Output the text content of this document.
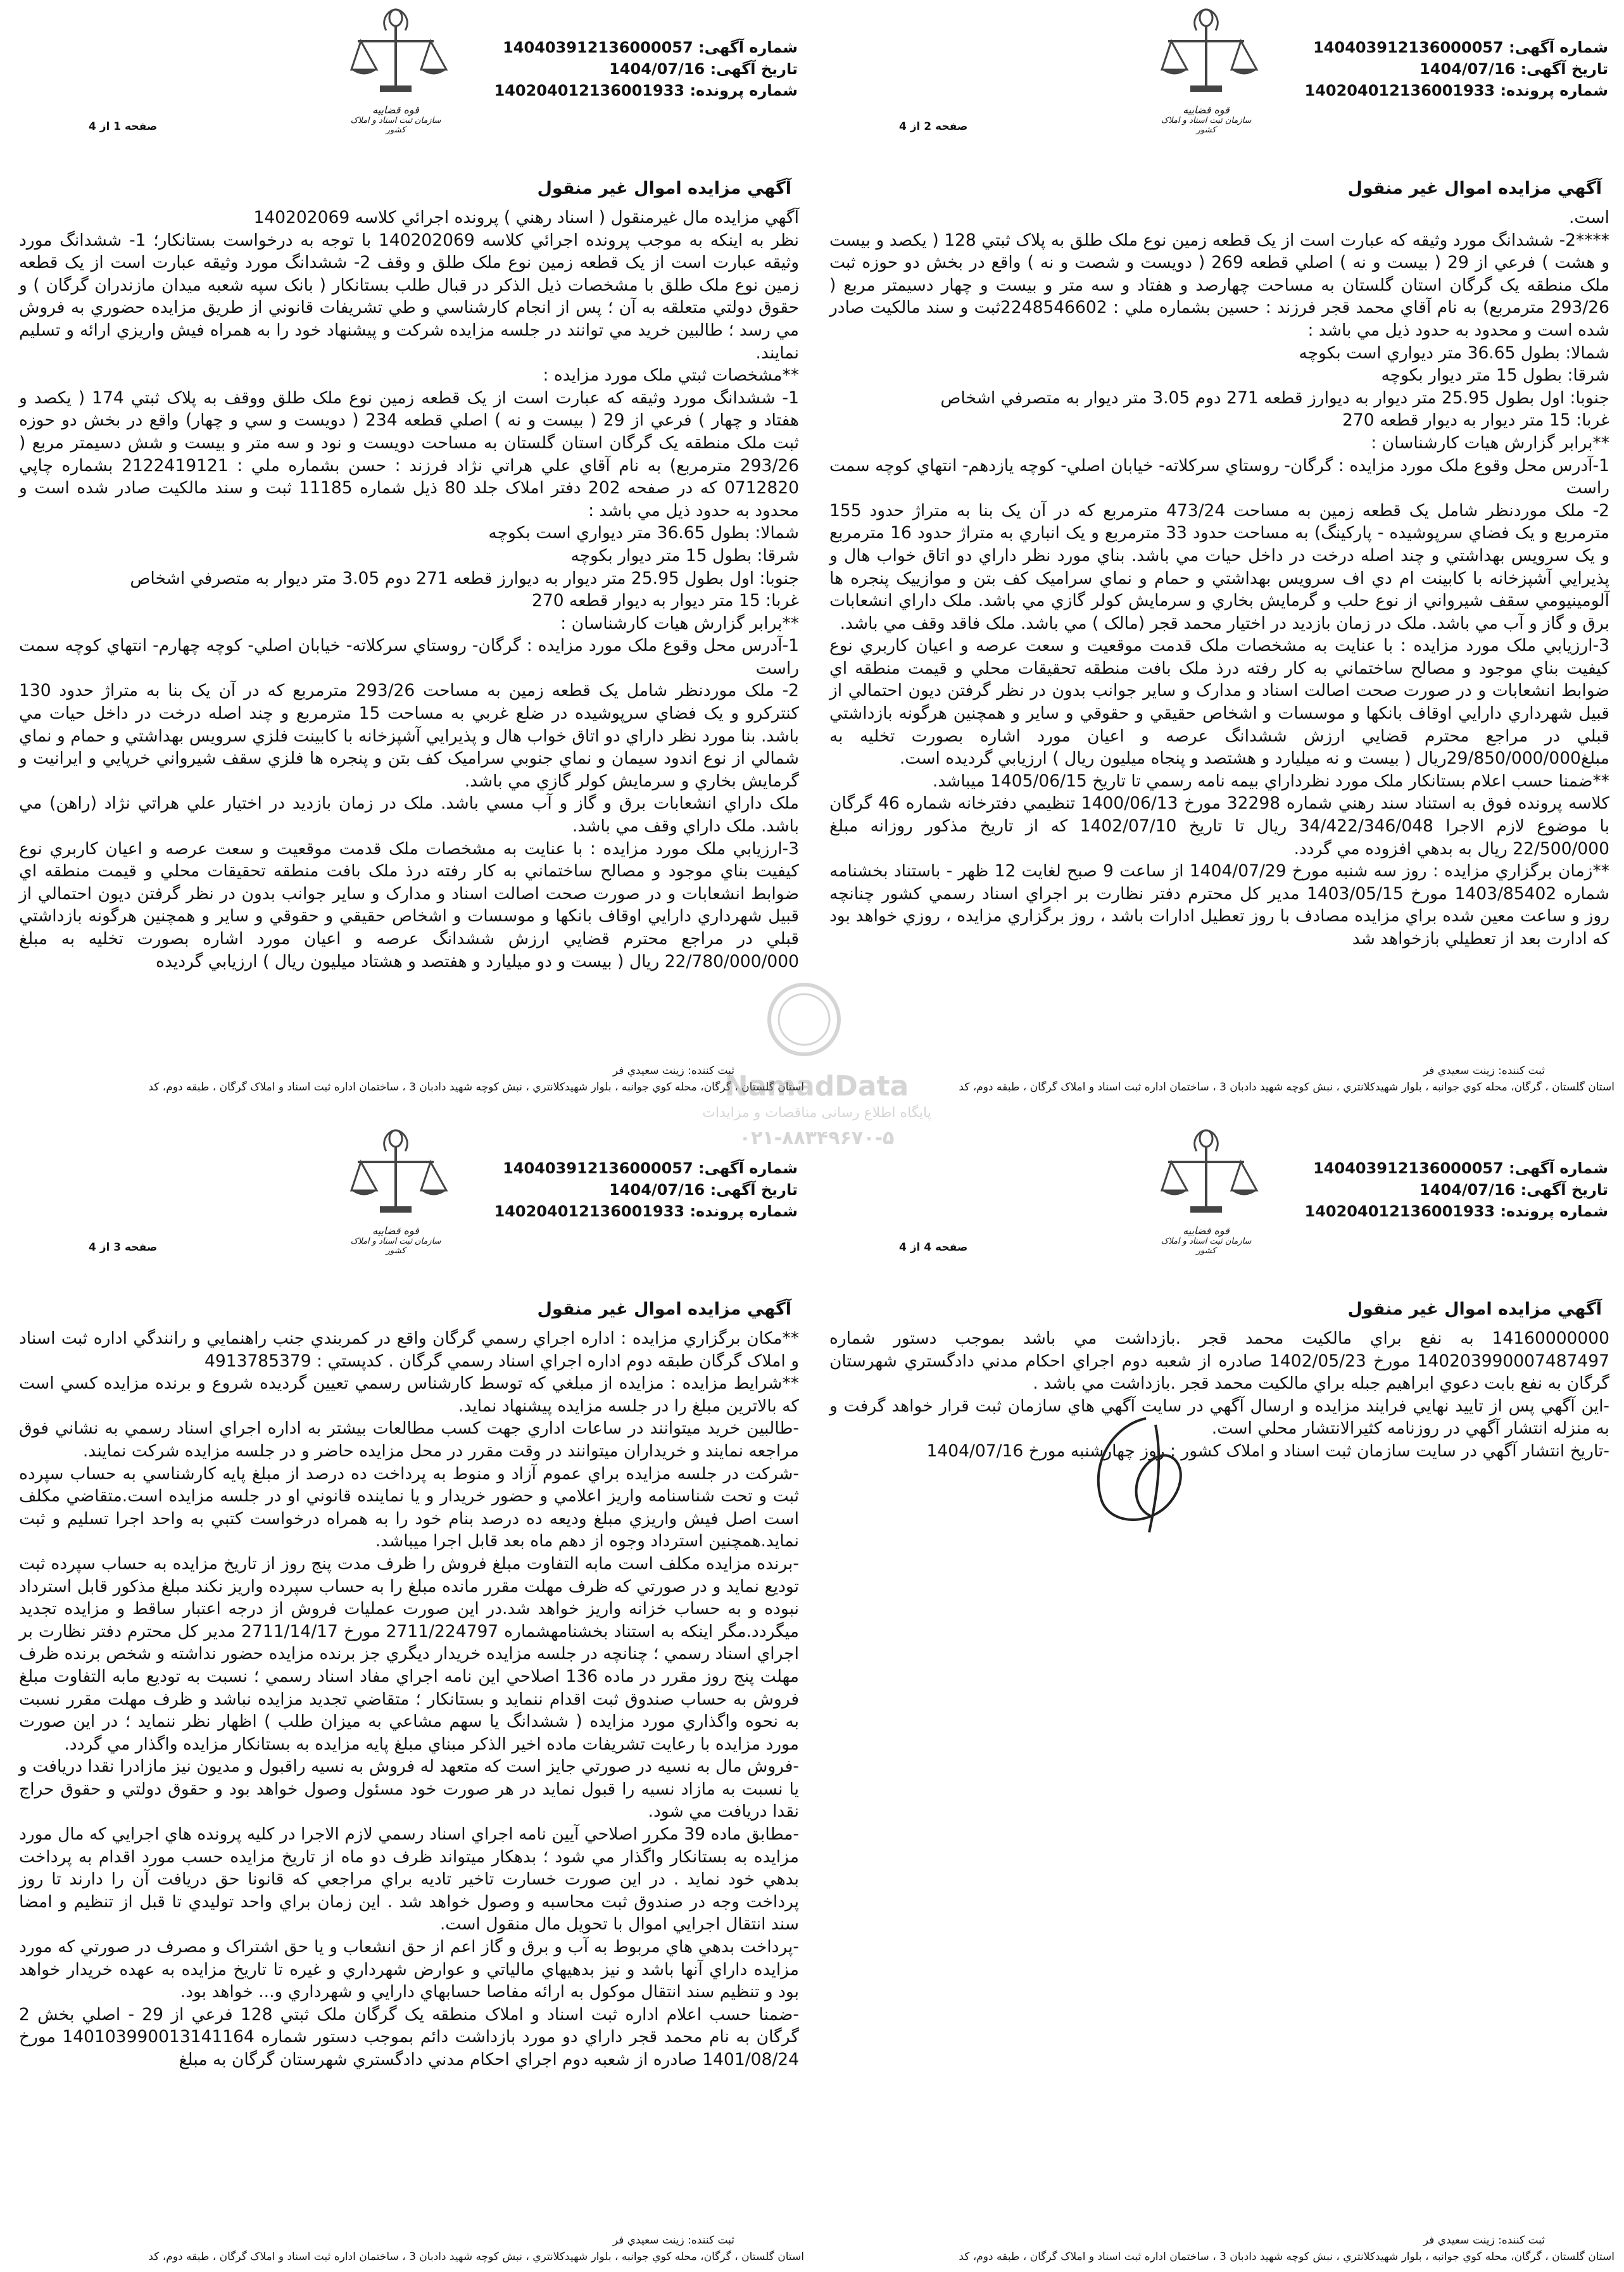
قوه قضاییه
سازمان ثبت اسناد و املاک کشور
شماره آگهی: 140403912136000057
تاریخ آگهی: 1404/07/16
شماره پرونده: 140204012136001933
صفحه 1 از 4
آگهي مزايده اموال غير منقول

آگهي مزايده مال غيرمنقول ( اسناد رهني ) پرونده اجرائي كلاسه 140202069

نظر به اينكه به موجب پرونده اجرائي كلاسه 140202069 با توجه به درخواست بستانكار؛ 1- ششدانگ مورد وثيقه عبارت است از يک قطعه زمين نوع ملک طلق و وقف 2- ششدانگ مورد وثيقه عبارت است از يک قطعه زمين نوع ملک طلق با مشخصات ذيل الذكر در قبال طلب بستانكار ( بانک سپه شعبه ميدان مازندران گرگان ) و حقوق دولتي متعلقه به آن ؛ پس از انجام كارشناسي و طي تشريفات قانوني از طريق مزايده حضوري به فروش مي رسد ؛ طالبين خريد مي توانند در جلسه مزايده شركت و پيشنهاد خود را به همراه فيش واريزي ارائه و تسليم نمايند.

**مشخصات ثبتي ملک مورد مزايده :

1- ششدانگ مورد وثيقه كه عبارت است از يک قطعه زمين نوع ملک طلق ووقف به پلاک ثبتي 174 ( يكصد و هفتاد و چهار ) فرعي از 29 ( بيست و نه ) اصلي قطعه 234 ( دويست و سي و چهار) واقع در بخش دو حوزه ثبت ملک منطقه يک گرگان استان گلستان به مساحت دويست و نود و سه متر و بيست و شش دسيمتر مربع ( 293/26 مترمربع) به نام آقاي علي هراتي نژاد فرزند : حسن بشماره ملي : 2122419121 بشماره چاپي 0712820 كه در صفحه 202 دفتر املاک جلد 80 ذيل شماره 11185 ثبت و سند مالكيت صادر شده است و محدود به حدود ذيل مي باشد :

شمالا: بطول 36.65 متر ديواري است بكوچه

شرقا: بطول 15 متر ديوار بكوچه

جنوبا: اول بطول 25.95 متر ديوار به ديوارز قطعه 271 دوم 3.05 متر ديوار به متصرفي اشخاص

غربا: 15 متر ديوار به ديوار قطعه 270

**برابر گزارش هيات كارشناسان :

1-آدرس محل وقوع ملک مورد مزايده : گرگان- روستاي سركلاته- خيابان اصلي- كوچه چهارم- انتهاي كوچه سمت راست

2- ملک موردنظر شامل يک قطعه زمين به مساحت 293/26 مترمربع كه در آن يک بنا به متراژ حدود 130 كنتركرو و يک فضاي سرپوشيده در ضلع غربي به مساحت 15 مترمربع و چند اصله درخت در داخل حيات مي باشد. بنا مورد نظر داراي دو اتاق خواب هال و پذيرايي آشپزخانه با كابينت فلزي سرويس بهداشتي و حمام و نماي شمالي از نوع اندود سيمان و نماي جنوبي سراميک كف بتن و پنجره ها فلزي سقف شيرواني خرپايي و ايرانيت و گرمايش بخاري و سرمايش كولر گازي مي باشد.

ملک داراي انشعابات برق و گاز و آب مسي باشد. ملک در زمان بازديد در اختيار علي هراتي نژاد (راهن) مي باشد. ملک داراي وقف مي باشد.

3-ارزيابي ملک مورد مزايده : با عنايت به مشخصات ملک قدمت موقعيت و سعت عرصه و اعيان كاربري نوع كيفيت بناي موجود و مصالح ساختماني به كار رفته درذ ملک بافت منطقه تحقيقات محلي و قيمت منطقه اي ضوابط انشعابات و در صورت صحت اصالت اسناد و مدارک و ساير جوانب بدون در نظر گرفتن ديون احتمالي از قبيل شهرداري دارايي اوقاف بانكها و موسسات و اشخاص حقيقي و حقوقي و ساير و همچنين هرگونه بازداشتي قبلي در مراجع محترم قضايي ارزش ششدانگ عرصه و اعيان مورد اشاره بصورت تخليه به مبلغ 22/780/000/000 ريال ( بيست و دو ميليارد و هفتصد و هشتاد ميليون ريال ) ارزيابي گرديده

ثبت كننده: زينت سعيدي فر
استان گلستان ، گرگان، محله كوي جوانبه ، بلوار شهيدكلانتري ، نبش كوچه شهيد دادبان 3 ، ساختمان اداره ثبت اسناد و املاک گرگان ، طبقه دوم، كد
قوه قضاییه
سازمان ثبت اسناد و املاک کشور
شماره آگهی: 140403912136000057
تاریخ آگهی: 1404/07/16
شماره پرونده: 140204012136001933
صفحه 2 از 4
آگهي مزايده اموال غير منقول

است.

****2- ششدانگ مورد وثيقه كه عبارت است از يک قطعه زمين نوع ملک طلق به پلاک ثبتي 128 ( يكصد و بيست و هشت ) فرعي از 29 ( بيست و نه ) اصلي قطعه 269 ( دويست و شصت و نه ) واقع در بخش دو حوزه ثبت ملک منطقه يک گرگان استان گلستان به مساحت چهارصد و هفتاد و سه متر و بيست و چهار دسيمتر مربع ( 293/26 مترمربع) به نام آقاي محمد قجر فرزند : حسين بشماره ملي : 2248546602ثبت و سند مالكيت صادر شده است و محدود به حدود ذيل مي باشد :

شمالا: بطول 36.65 متر ديواري است بكوچه

شرقا: بطول 15 متر ديوار بكوچه

جنوبا: اول بطول 25.95 متر ديوار به ديوارز قطعه 271 دوم 3.05 متر ديوار به متصرفي اشخاص

غربا: 15 متر ديوار به ديوار قطعه 270

**برابر گزارش هيات كارشناسان :

1-آدرس محل وقوع ملک مورد مزايده : گرگان- روستاي سركلاته- خيابان اصلي- كوچه يازدهم- انتهاي كوچه سمت راست

2- ملک موردنظر شامل يک قطعه زمين به مساحت 473/24 مترمربع كه در آن يک بنا به متراژ حدود 155 مترمربع و يک فضاي سرپوشيده - پاركينگ) به مساحت حدود 33 مترمربع و يک انباري به متراژ حدود 16 مترمربع و يک سرويس بهداشتي و چند اصله درخت در داخل حيات مي باشد. بناي مورد نظر داراي دو اتاق خواب هال و پذيرايي آشپزخانه با كابينت ام دي اف سرويس بهداشتي و حمام و نماي سراميک كف بتن و موازييک پنجره ها آلومينيومي سقف شيرواني از نوع حلب و گرمايش بخاري و سرمايش كولر گازي مي باشد. ملک داراي انشعابات برق و گاز و آب مي باشد. ملک در زمان بازديد در اختيار محمد قجر (مالک ) مي باشد. ملک فاقد وقف مي باشد.

3-ارزيابي ملک مورد مزايده : با عنايت به مشخصات ملک قدمت موقعيت و سعت عرصه و اعيان كاربري نوع كيفيت بناي موجود و مصالح ساختماني به كار رفته درذ ملک بافت منطقه تحقيقات محلي و قيمت منطقه اي ضوابط انشعابات و در صورت صحت اصالت اسناد و مدارک و ساير جوانب بدون در نظر گرفتن ديون احتمالي از قبيل شهرداري دارايي اوقاف بانكها و موسسات و اشخاص حقيقي و حقوقي و ساير و همچنين هرگونه بازداشتي قبلي در مراجع محترم قضايي ارزش ششدانگ عرصه و اعيان مورد اشاره بصورت تخليه به مبلغ29/850/000/000ريال ( بيست و نه ميليارد و هشتصد و پنجاه ميليون ريال ) ارزيابي گرديده است.

**ضمنا حسب اعلام بستانكار ملک مورد نظرداراي بيمه نامه رسمي تا تاريخ 1405/06/15 ميباشد.

كلاسه پرونده فوق به استناد سند رهني شماره 32298 مورخ 1400/06/13 تنظيمي دفترخانه شماره 46 گرگان با موضوع لازم الاجرا 34/422/346/048 ريال تا تاريخ 1402/07/10 كه از تاريخ مذكور روزانه مبلغ 22/500/000 ريال به بدهي افزوده مي گردد.

**زمان برگزاري مزايده : روز سه شنبه مورخ 1404/07/29 از ساعت 9 صبح لغايت 12 ظهر - باستناد بخشنامه شماره 1403/85402 مورخ 1403/05/15 مدير كل محترم دفتر نظارت بر اجراي اسناد رسمي كشور چنانچه روز و ساعت معين شده براي مزايده مصادف با روز تعطيل ادارات باشد ، روز برگزاري مزايده ، روزي خواهد بود كه ادارت بعد از تعطيلي بازخواهد شد

ثبت كننده: زينت سعيدي فر
استان گلستان ، گرگان، محله كوي جوانبه ، بلوار شهيدكلانتري ، نبش كوچه شهيد دادبان 3 ، ساختمان اداره ثبت اسناد و املاک گرگان ، طبقه دوم، كد
قوه قضاییه
سازمان ثبت اسناد و املاک کشور
شماره آگهی: 140403912136000057
تاریخ آگهی: 1404/07/16
شماره پرونده: 140204012136001933
صفحه 3 از 4
آگهي مزايده اموال غير منقول

**مكان برگزاري مزايده : اداره اجراي رسمي گرگان واقع در كمربندي جنب راهنمايي و رانندگي اداره ثبت اسناد و املاک گرگان طبقه دوم اداره اجراي اسناد رسمي گرگان . كدپستي : 4913785379

**شرايط مزايده : مزايده از مبلغي كه توسط كارشناس رسمي تعيين گرديده شروع و برنده مزايده كسي است كه بالاترين مبلغ را در جلسه مزايده پيشنهاد نمايد.

-طالبين خريد ميتوانند در ساعات اداري جهت كسب مطالعات بيشتر به اداره اجراي اسناد رسمي به نشاني فوق مراجعه نمايند و خريداران ميتوانند در وقت مقرر در محل مزايده حاضر و در جلسه مزايده شركت نمايند.

-شركت در جلسه مزايده براي عموم آزاد و منوط به پرداخت ده درصد از مبلغ پايه كارشناسي به حساب سپرده ثبت و تحت شناسنامه واريز اعلامي و حضور خريدار و يا نماينده قانوني او در جلسه مزايده است.متقاضي مكلف است اصل فيش واريزي مبلغ وديعه ده درصد بنام خود را به همراه درخواست كتبي به واحد اجرا تسليم و ثبت نمايد.همچنين استرداد وجوه از دهم ماه بعد قابل اجرا ميباشد.

-برنده مزايده مكلف است مابه التفاوت مبلغ فروش را ظرف مدت پنج روز از تاريخ مزايده به حساب سپرده ثبت توديع نمايد و در صورتي كه ظرف مهلت مقرر مانده مبلغ را به حساب سپرده واريز نكند مبلغ مذكور قابل استرداد نبوده و به حساب خزانه واريز خواهد شد.در اين صورت عمليات فروش از درجه اعتبار ساقط و مزايده تجديد ميگردد.مگر اينكه به استناد بخشنامهشماره 2711/224797 مورخ 2711/14/17 مدير كل محترم دفتر نظارت بر اجراي اسناد رسمي ؛ چنانچه در جلسه مزايده خريدار ديگري جز برنده مزايده حضور نداشته و شخص برنده ظرف مهلت پنج روز مقرر در ماده 136 اصلاحي اين نامه اجراي مفاد اسناد رسمي ؛ نسبت به توديع مابه التفاوت مبلغ فروش به حساب صندوق ثبت اقدام ننمايد و بستانكار ؛ متقاضي تجديد مزايده نباشد و ظرف مهلت مقرر نسبت به نحوه واگذاري مورد مزايده ( ششدانگ يا سهم مشاعي به ميزان طلب ) اظهار نظر ننمايد ؛ در اين صورت مورد مزايده با رعايت تشريفات ماده اخير الذكر مبناي مبلغ پايه مزايده به بستانكار مزايده واگذار مي گردد.

-فروش مال به نسيه در صورتي جايز است كه متعهد له فروش به نسيه راقبول و مديون نيز مازادرا نقدا دريافت و يا نسبت به مازاد نسيه را قبول نمايد در هر صورت خود مسئول وصول خواهد بود و حقوق دولتي و حقوق حراج نقدا دريافت مي شود.

-مطابق ماده 39 مكرر اصلاحي آيين نامه اجراي اسناد رسمي لازم الاجرا در كليه پرونده هاي اجرايي كه مال مورد مزايده به بستانكار واگذار مي شود ؛ بدهكار ميتواند ظرف دو ماه از تاريخ مزايده حسب مورد اقدام به پرداخت بدهي خود نمايد . در اين صورت خسارت تاخير تاديه براي مراجعي كه قانونا حق دريافت آن را دارند تا روز پرداخت وجه در صندوق ثبت محاسبه و وصول خواهد شد . اين زمان براي واحد توليدي تا قبل از تنظيم و امضا سند انتقال اجرايي اموال با تحويل مال منقول است.

-پرداخت بدهي هاي مربوط به آب و برق و گاز اعم از حق انشعاب و يا حق اشتراک و مصرف در صورتي كه مورد مزايده داراي آنها باشد و نيز بدهيهاي مالياتي و عوارض شهرداري و غيره تا تاريخ مزايده به عهده خريدار خواهد بود و تنظيم سند انتقال موكول به ارائه مفاصا حسابهاي دارايي و شهرداري و... خواهد بود.

-ضمنا حسب اعلام اداره ثبت اسناد و املاک منطقه يک گرگان ملک ثبتي 128 فرعي از 29 - اصلي بخش 2 گرگان به نام محمد قجر داراي دو مورد بازداشت دائم بموجب دستور شماره 140103990013141164 مورخ 1401/08/24 صادره از شعبه دوم اجراي احكام مدني دادگستري شهرستان گرگان به مبلغ

ثبت كننده: زينت سعيدي فر
استان گلستان ، گرگان، محله كوي جوانبه ، بلوار شهيدكلانتري ، نبش كوچه شهيد دادبان 3 ، ساختمان اداره ثبت اسناد و املاک گرگان ، طبقه دوم، كد
قوه قضاییه
سازمان ثبت اسناد و املاک کشور
شماره آگهی: 140403912136000057
تاریخ آگهی: 1404/07/16
شماره پرونده: 140204012136001933
صفحه 4 از 4
آگهي مزايده اموال غير منقول

14160000000 به نفع براي مالكيت محمد قجر .بازداشت مي باشد بموجب دستور شماره 140203990007487497 مورخ 1402/05/23 صادره از شعبه دوم اجراي احكام مدني دادگستري شهرستان گرگان به نفع بابت دعوي ابراهيم جبله براي مالكيت محمد قجر .بازداشت مي باشد .

-اين آگهي پس از تاييد نهايي فرايند مزايده و ارسال آگهي در سايت آگهي هاي سازمان ثبت قرار خواهد گرفت و به منزله انتشار آگهي در روزنامه كثيرالانتشار محلي است.

-تاريخ انتشار آگهي در سايت سازمان ثبت اسناد و املاک كشور : روز چهارشنبه مورخ 1404/07/16

ثبت كننده: زينت سعيدي فر
استان گلستان ، گرگان، محله كوي جوانبه ، بلوار شهيدكلانتري ، نبش كوچه شهيد دادبان 3 ، ساختمان اداره ثبت اسناد و املاک گرگان ، طبقه دوم، كد
NamadData
پایگاه اطلاع رسانی مناقصات و مزایدات
۰۲۱-۸۸۳۴۹۶۷۰-۵
